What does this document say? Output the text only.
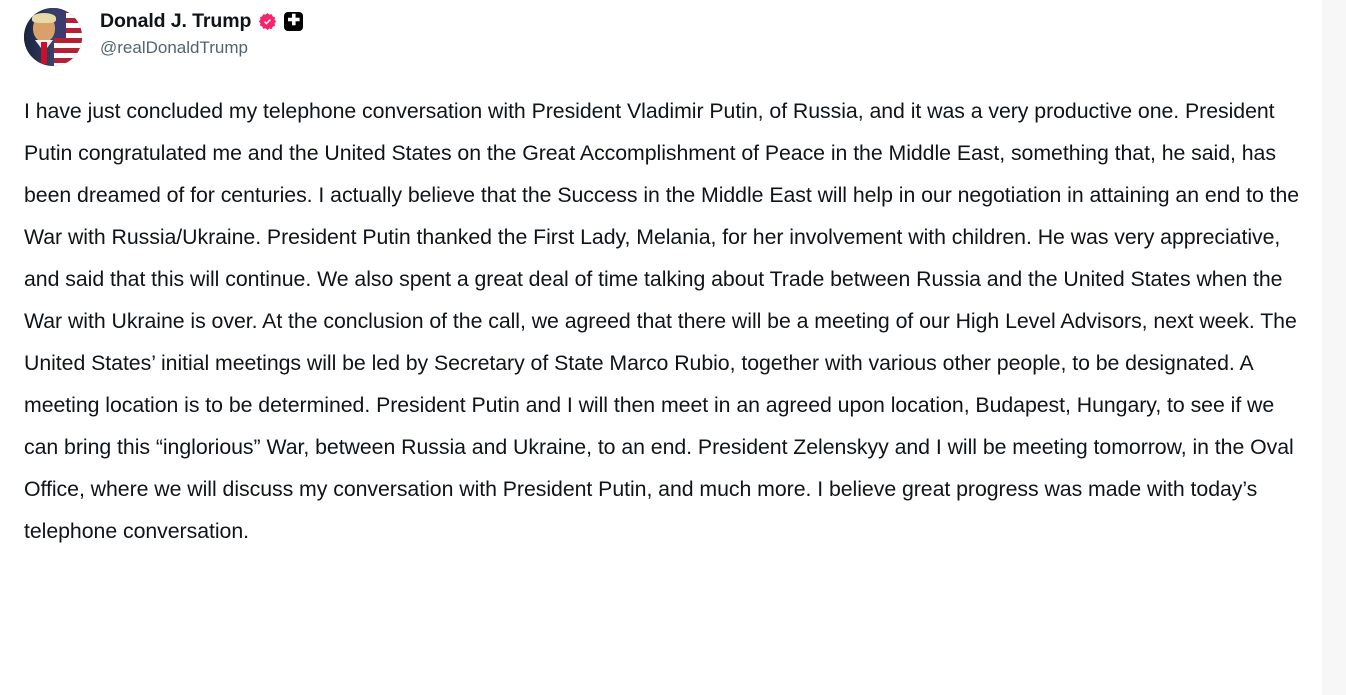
Donald J. Trump ✚
@realDonaldTrump
I have just concluded my telephone conversation with President Vladimir Putin, of Russia, and it was a very productive one. President Putin congratulated me and the United States on the Great Accomplishment of Peace in the Middle East, something that, he said, has been dreamed of for centuries. I actually believe that the Success in the Middle East will help in our negotiation in attaining an end to the War with Russia/Ukraine. President Putin thanked the First Lady, Melania, for her involvement with children. He was very appreciative, and said that this will continue. We also spent a great deal of time talking about Trade between Russia and the United States when the War with Ukraine is over. At the conclusion of the call, we agreed that there will be a meeting of our High Level Advisors, next week. The United States’ initial meetings will be led by Secretary of State Marco Rubio, together with various other people, to be designated. A meeting location is to be determined. President Putin and I will then meet in an agreed upon location, Budapest, Hungary, to see if we can bring this “inglorious” War, between Russia and Ukraine, to an end. President Zelenskyy and I will be meeting tomorrow, in the Oval Office, where we will discuss my conversation with President Putin, and much more. I believe great progress was made with today’s telephone conversation.
